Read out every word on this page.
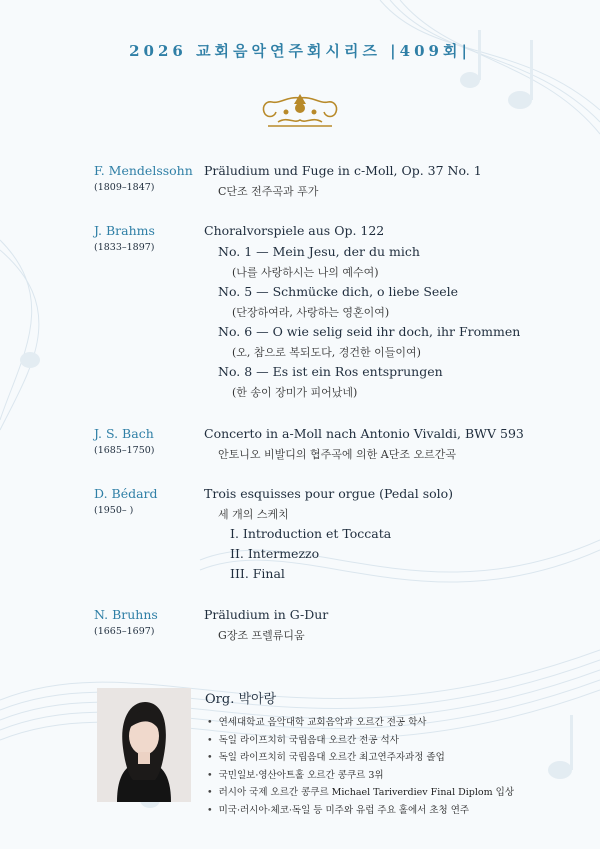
2026 교회음악연주회시리즈 |409회|
F. Mendelssohn
(1809–1847)
Präludium und Fuge in c-Moll, Op. 37 No. 1
C단조 전주곡과 푸가
J. Brahms
(1833–1897)
Choralvorspiele aus Op. 122
No. 1 — Mein Jesu, der du mich
(나를 사랑하시는 나의 예수여)
No. 5 — Schmücke dich, o liebe Seele
(단장하여라, 사랑하는 영혼이여)
No. 6 — O wie selig seid ihr doch, ihr Frommen
(오, 참으로 복되도다, 경건한 이들이여)
No. 8 — Es ist ein Ros entsprungen
(한 송이 장미가 피어났네)
J. S. Bach
(1685–1750)
Concerto in a-Moll nach Antonio Vivaldi, BWV 593
안토니오 비발디의 협주곡에 의한 A단조 오르간곡
D. Bédard
(1950– )
Trois esquisses pour orgue (Pedal solo)
세 개의 스케치
I. Introduction et Toccata
II. Intermezzo
III. Final
N. Bruhns
(1665–1697)
Präludium in G-Dur
G장조 프렐류디움
Org. 박아랑
• 연세대학교 음악대학 교회음악과 오르간 전공 학사
• 독일 라이프치히 국립음대 오르간 전공 석사
• 독일 라이프치히 국립음대 오르간 최고연주자과정 졸업
• 국민일보·영산아트홀 오르간 콩쿠르 3위
• 러시아 국제 오르간 콩쿠르 Michael Tariverdiev Final Diplom 입상
• 미국·러시아·체코·독일 등 미주와 유럽 주요 홀에서 초청 연주
